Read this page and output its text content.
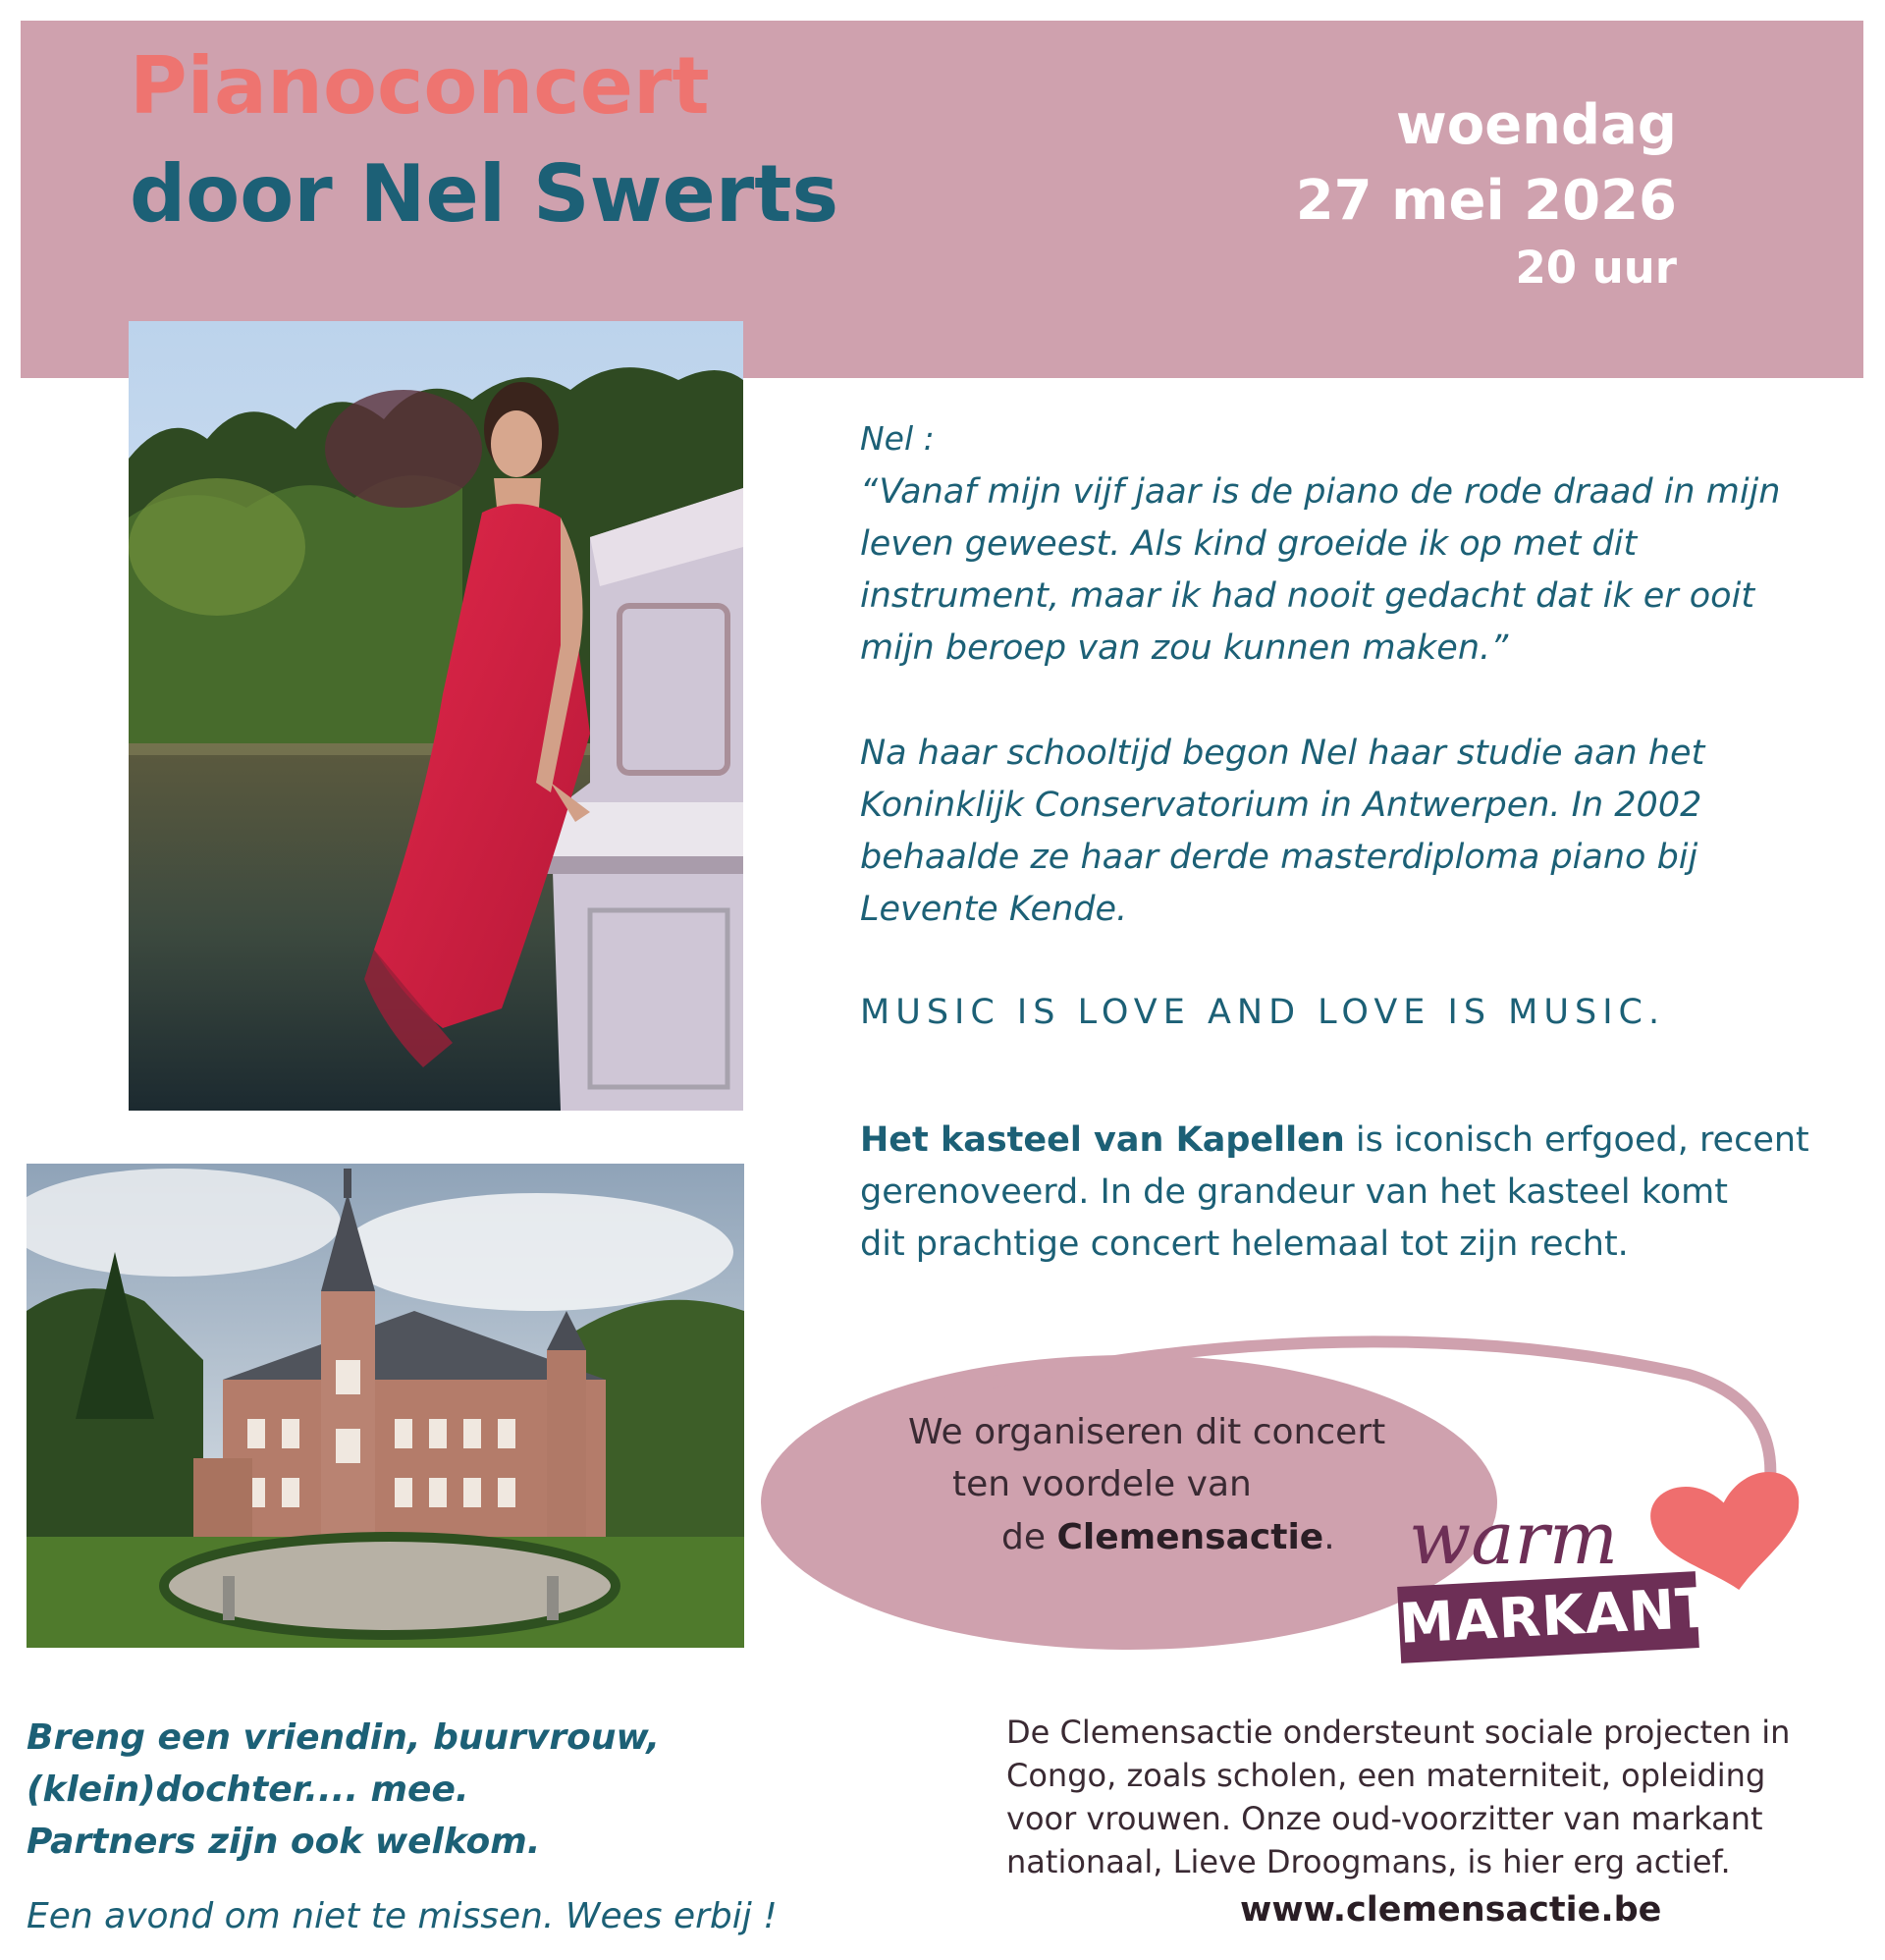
Pianoconcert
door Nel Swerts
woendag
27 mei 2026
20 uur
Nel :
“Vanaf mijn vijf jaar is de piano de rode draad in mijn
leven geweest. Als kind groeide ik op met dit
instrument, maar ik had nooit gedacht dat ik er ooit
mijn beroep van zou kunnen maken.”
Na haar schooltijd begon Nel haar studie aan het
Koninklijk Conservatorium in Antwerpen. In 2002
behaalde ze haar derde masterdiploma piano bij
Levente Kende.
MUSIC IS LOVE AND LOVE IS MUSIC.
Het kasteel van Kapellen is iconisch erfgoed, recent
gerenoveerd. In de grandeur van het kasteel komt
dit prachtige concert helemaal tot zijn recht.
We organiseren dit concert
ten voordele van
de Clemensactie. warm
MARKANT
Breng een vriendin, buurvrouw,
(klein)dochter.... mee.
Partners zijn ook welkom.
Een avond om niet te missen. Wees erbij !
De Clemensactie ondersteunt sociale projecten in
Congo, zoals scholen, een materniteit, opleiding
voor vrouwen. Onze oud-voorzitter van markant
nationaal, Lieve Droogmans, is hier erg actief.
www.clemensactie.be
